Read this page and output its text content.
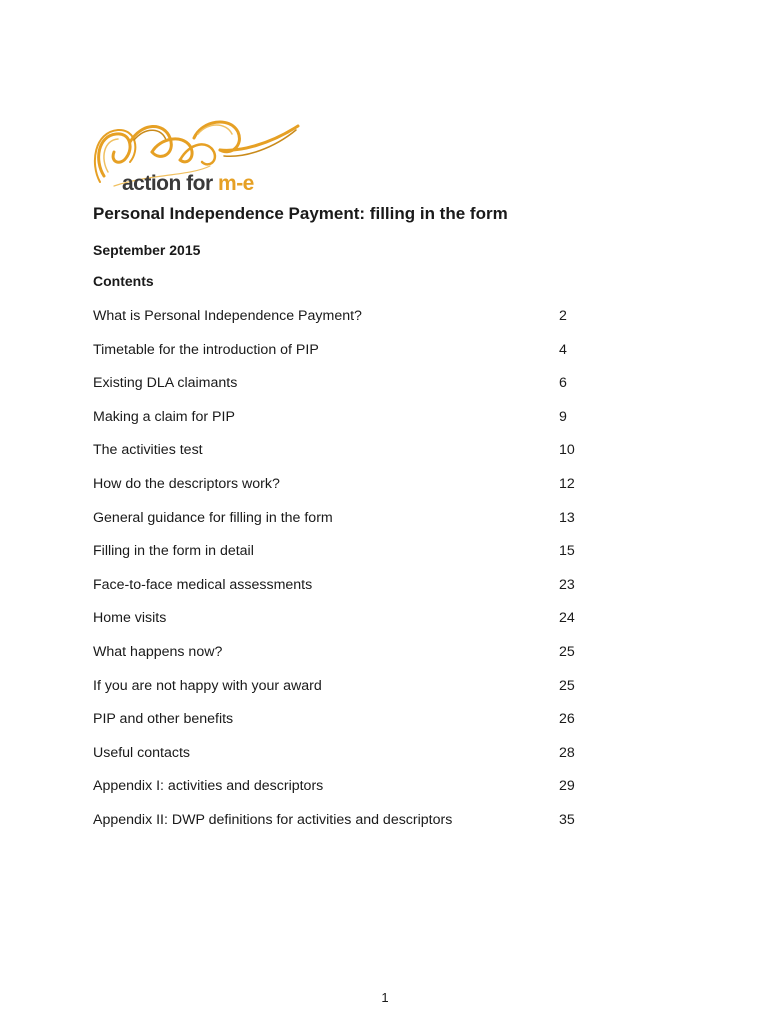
action for m-e
Personal Independence Payment: filling in the form
September 2015
Contents
What is Personal Independence Payment?	2
Timetable for the introduction of PIP	4
Existing DLA claimants	6
Making a claim for PIP	9
The activities test	10
How do the descriptors work?	12
General guidance for filling in the form	13
Filling in the form in detail	15
Face-to-face medical assessments	23
Home visits	24
What happens now?	25
If you are not happy with your award	25
PIP and other benefits	26
Useful contacts	28
Appendix I: activities and descriptors	29
Appendix II: DWP definitions for activities and descriptors	35
1
